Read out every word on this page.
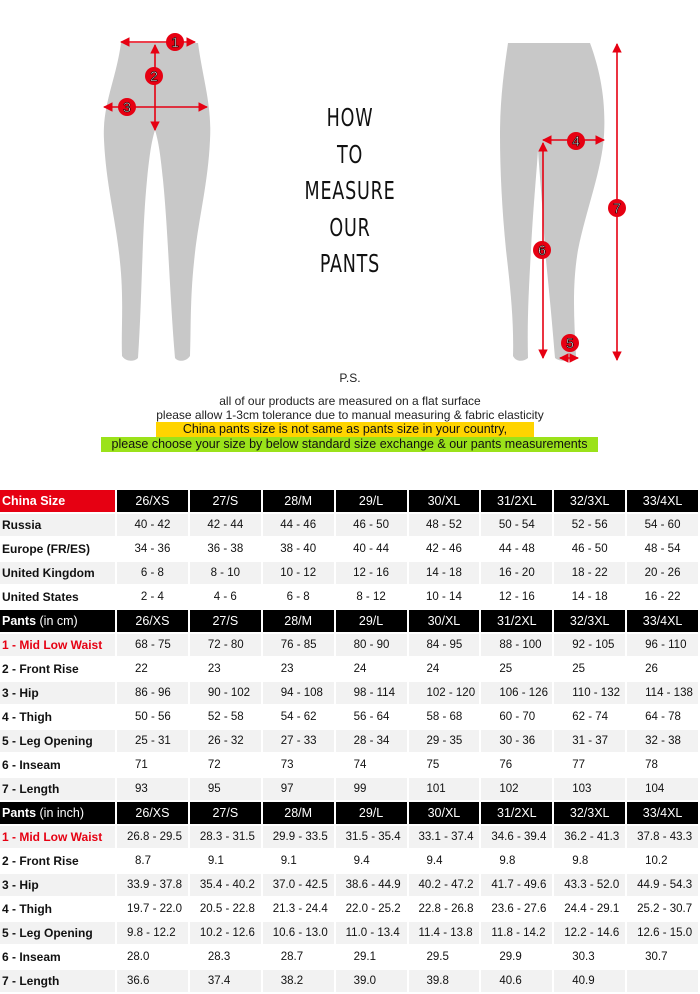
1
2
3
4
5
6
7
HOW
TO
MEASURE
OUR
PANTS
P.S.
all of our products are measured on a flat surface
please allow 1-3cm tolerance due to manual measuring & fabric elasticity
China pants size is not same as pants size in your country,
please choose your size by below standard size exchange & our pants measurements
China Size	26/XS	27/S	28/M	29/L	30/XL	31/2XL	32/3XL	33/4XL
Russia	40 - 42	42 - 44	44 - 46	46 - 50	48 - 52	50 - 54	52 - 56	54 - 60
Europe (FR/ES)	34 - 36	36 - 38	38 - 40	40 - 44	42 - 46	44 - 48	46 - 50	48 - 54
United Kingdom	6 - 8	8 - 10	10 - 12	12 - 16	14 - 18	16 - 20	18 - 22	20 - 26
United States	2 - 4	4 - 6	6 - 8	8 - 12	10 - 14	12 - 16	14 - 18	16 - 22
Pants (in cm)	26/XS	27/S	28/M	29/L	30/XL	31/2XL	32/3XL	33/4XL
1 - Mid Low Waist	68 - 75	72 - 80	76 - 85	80 - 90	84 - 95	88 - 100	92 - 105	96 - 110
2 - Front Rise	22	23	23	24	24	25	25	26
3 - Hip	86 - 96	90 - 102	94 - 108	98 - 114	102 - 120	106 - 126	110 - 132	114 - 138
4 - Thigh	50 - 56	52 - 58	54 - 62	56 - 64	58 - 68	60 - 70	62 - 74	64 - 78
5 - Leg Opening	25 - 31	26 - 32	27 - 33	28 - 34	29 - 35	30 - 36	31 - 37	32 - 38
6 - Inseam	71	72	73	74	75	76	77	78
7 - Length	93	95	97	99	101	102	103	104
Pants (in inch)	26/XS	27/S	28/M	29/L	30/XL	31/2XL	32/3XL	33/4XL
1 - Mid Low Waist	26.8 - 29.5	28.3 - 31.5	29.9 - 33.5	31.5 - 35.4	33.1 - 37.4	34.6 - 39.4	36.2 - 41.3	37.8 - 43.3
2 - Front Rise	8.7	9.1	9.1	9.4	9.4	9.8	9.8	10.2
3 - Hip	33.9 - 37.8	35.4 - 40.2	37.0 - 42.5	38.6 - 44.9	40.2 - 47.2	41.7 - 49.6	43.3 - 52.0	44.9 - 54.3
4 - Thigh	19.7 - 22.0	20.5 - 22.8	21.3 - 24.4	22.0 - 25.2	22.8 - 26.8	23.6 - 27.6	24.4 - 29.1	25.2 - 30.7
5 - Leg Opening	9.8 - 12.2	10.2 - 12.6	10.6 - 13.0	11.0 - 13.4	11.4 - 13.8	11.8 - 14.2	12.2 - 14.6	12.6 - 15.0
6 - Inseam	28.0	28.3	28.7	29.1	29.5	29.9	30.3	30.7
7 - Length	36.6	37.4	38.2	39.0	39.8	40.6	40.9	
